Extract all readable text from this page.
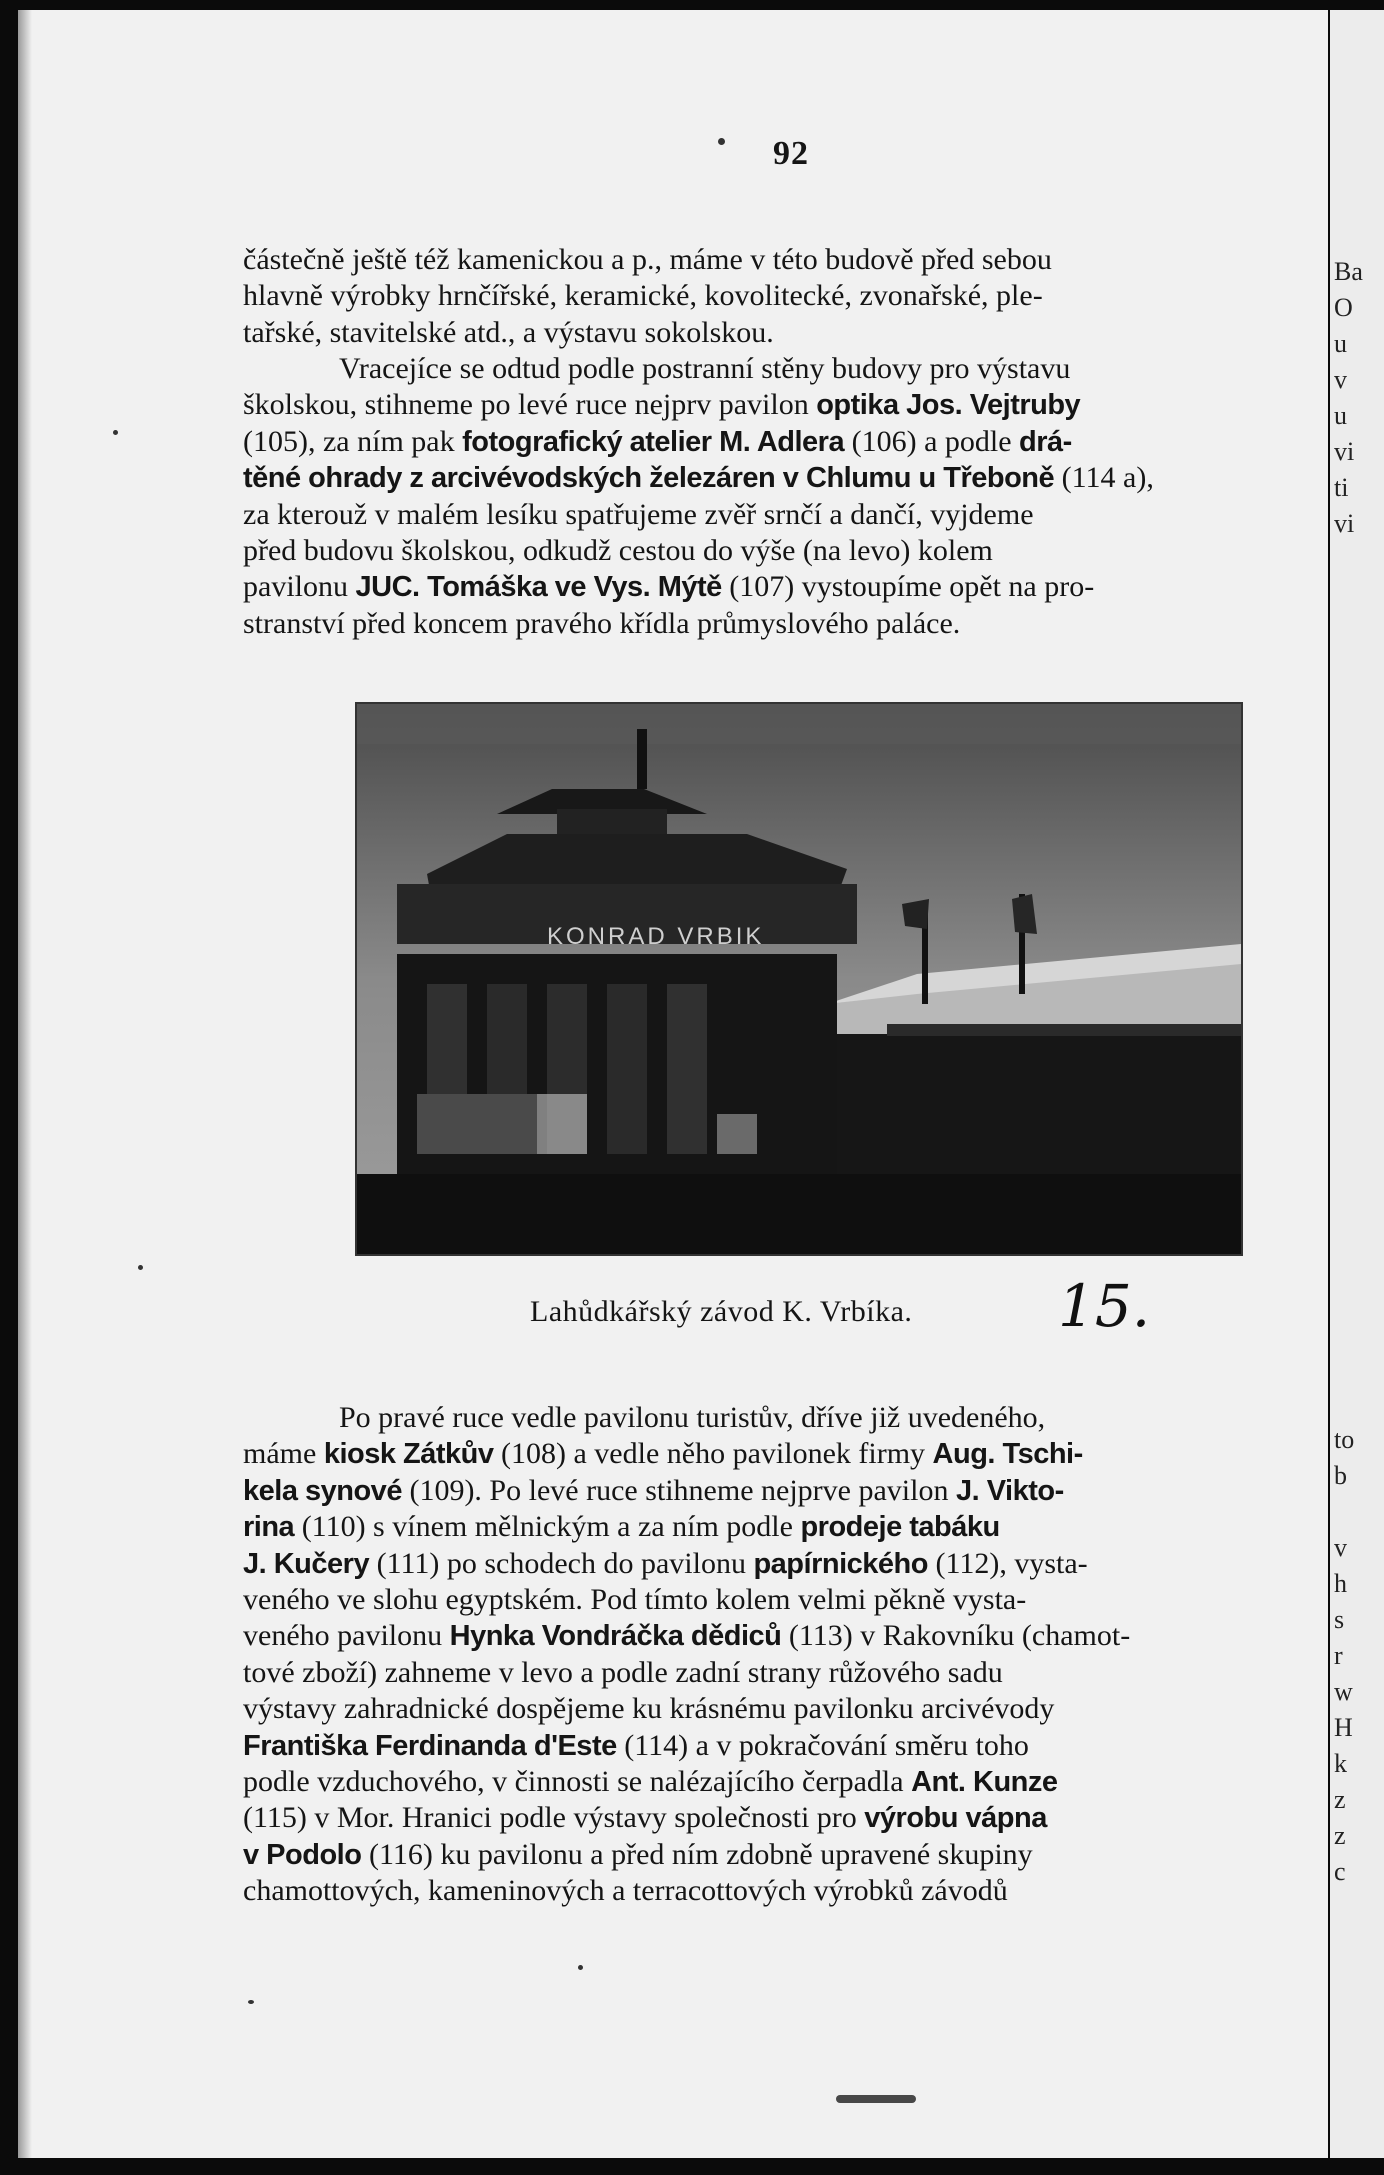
92
částečně ještě též kamenickou a p., máme v této budově před sebou
hlavně výrobky hrnčířské, keramické, kovolitecké, zvonařské, ple-
tařské, stavitelské atd., a výstavu sokolskou.
Vracejíce se odtud podle postranní stěny budovy pro výstavu
školskou, stihneme po levé ruce nejprv pavilon optika Jos. Vejtruby
(105), za ním pak fotografický atelier M. Adlera (106) a podle drá-
těné ohrady z arcivévodských železáren v Chlumu u Třeboně (114 a),
za kterouž v malém lesíku spatřujeme zvěř srnčí a dančí, vyjdeme
před budovu školskou, odkudž cestou do výše (na levo) kolem
pavilonu JUC. Tomáška ve Vys. Mýtě (107) vystoupíme opět na pro-
stranství před koncem pravého křídla průmyslového paláce.
KONRAD VRBIK
Lahůdkářský závod K. Vrbíka.	15.
Po pravé ruce vedle pavilonu turistův, dříve již uvedeného,
máme kiosk Zátkův (108) a vedle něho pavilonek firmy Aug. Tschi-
kela synové (109). Po levé ruce stihneme nejprve pavilon J. Vikto-
rina (110) s vínem mělnickým a za ním podle prodeje tabáku
J. Kučery (111) po schodech do pavilonu papírnického (112), vysta-
veného ve slohu egyptském. Pod tímto kolem velmi pěkně vysta-
veného pavilonu Hynka Vondráčka dědiců (113) v Rakovníku (chamot-
tové zboží) zahneme v levo a podle zadní strany růžového sadu
výstavy zahradnické dospějeme ku krásnému pavilonku arcivévody
Františka Ferdinanda d'Este (114) a v pokračování směru toho
podle vzduchového, v činnosti se nalézajícího čerpadla Ant. Kunze
(115) v Mor. Hranici podle výstavy společnosti pro výrobu vápna
v Podolo (116) ku pavilonu a před ním zdobně upravené skupiny
chamottových, kameninových a terracottových výrobků závodů
Ba
O
u
v
u
vi
ti
vi
to
b
v
h
s
r
w
H
k
z
z
c
